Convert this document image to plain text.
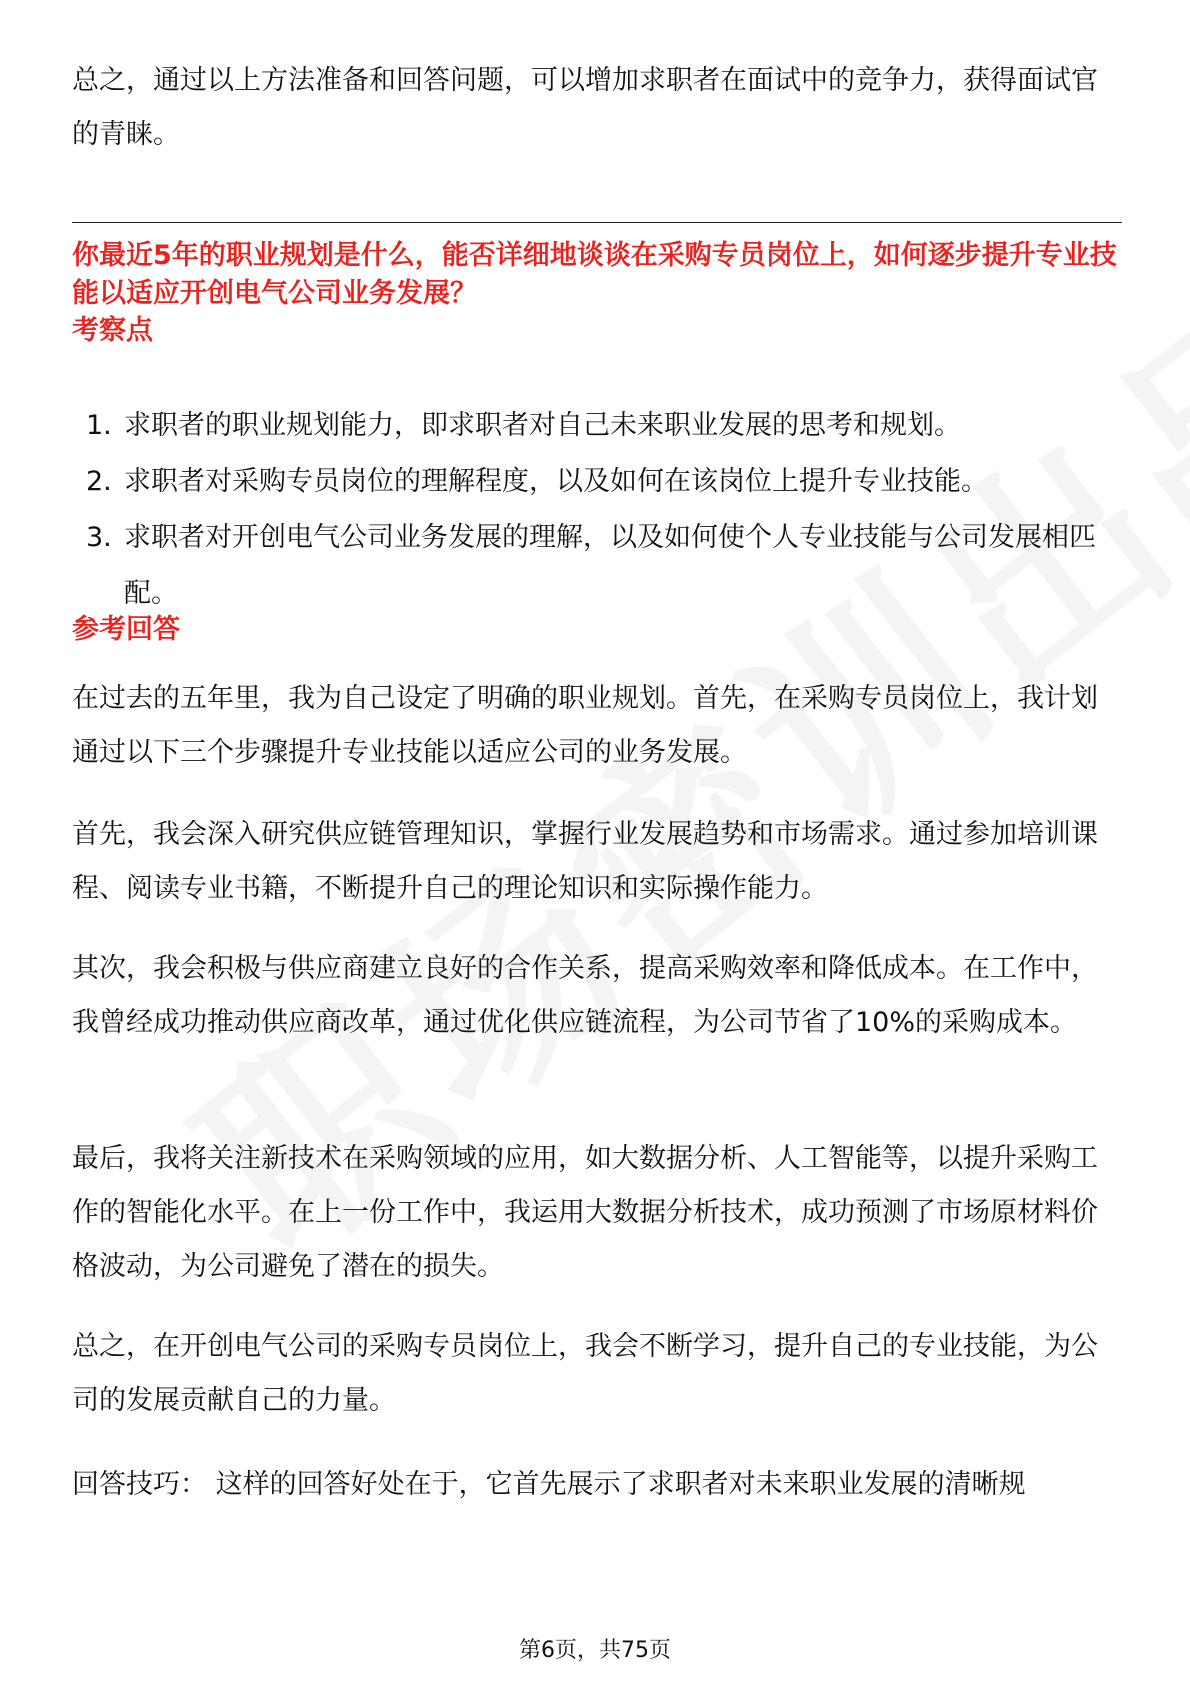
总之，通过以上方法准备和回答问题，可以增加求职者在面试中的竞争力，获得面试官的青睐。

你最近5年的职业规划是什么，能否详细地谈谈在采购专员岗位上，如何逐步提升专业技能以适应开创电气公司业务发展？

考察点

1. 求职者的职业规划能力，即求职者对自己未来职业发展的思考和规划。
2. 求职者对采购专员岗位的理解程度，以及如何在该岗位上提升专业技能。
3. 求职者对开创电气公司业务发展的理解，以及如何使个人专业技能与公司发展相匹配。

参考回答

在过去的五年里，我为自己设定了明确的职业规划。首先，在采购专员岗位上，我计划通过以下三个步骤提升专业技能以适应公司的业务发展。

首先，我会深入研究供应链管理知识，掌握行业发展趋势和市场需求。通过参加培训课程、阅读专业书籍，不断提升自己的理论知识和实际操作能力。

其次，我会积极与供应商建立良好的合作关系，提高采购效率和降低成本。在工作中，我曾经成功推动供应商改革，通过优化供应链流程，为公司节省了10%的采购成本。

最后，我将关注新技术在采购领域的应用，如大数据分析、人工智能等，以提升采购工作的智能化水平。在上一份工作中，我运用大数据分析技术，成功预测了市场原材料价格波动，为公司避免了潜在的损失。

总之，在开创电气公司的采购专员岗位上，我会不断学习，提升自己的专业技能，为公司的发展贡献自己的力量。

回答技巧： 这样的回答好处在于，它首先展示了求职者对未来职业发展的清晰规

第6页，共75页
